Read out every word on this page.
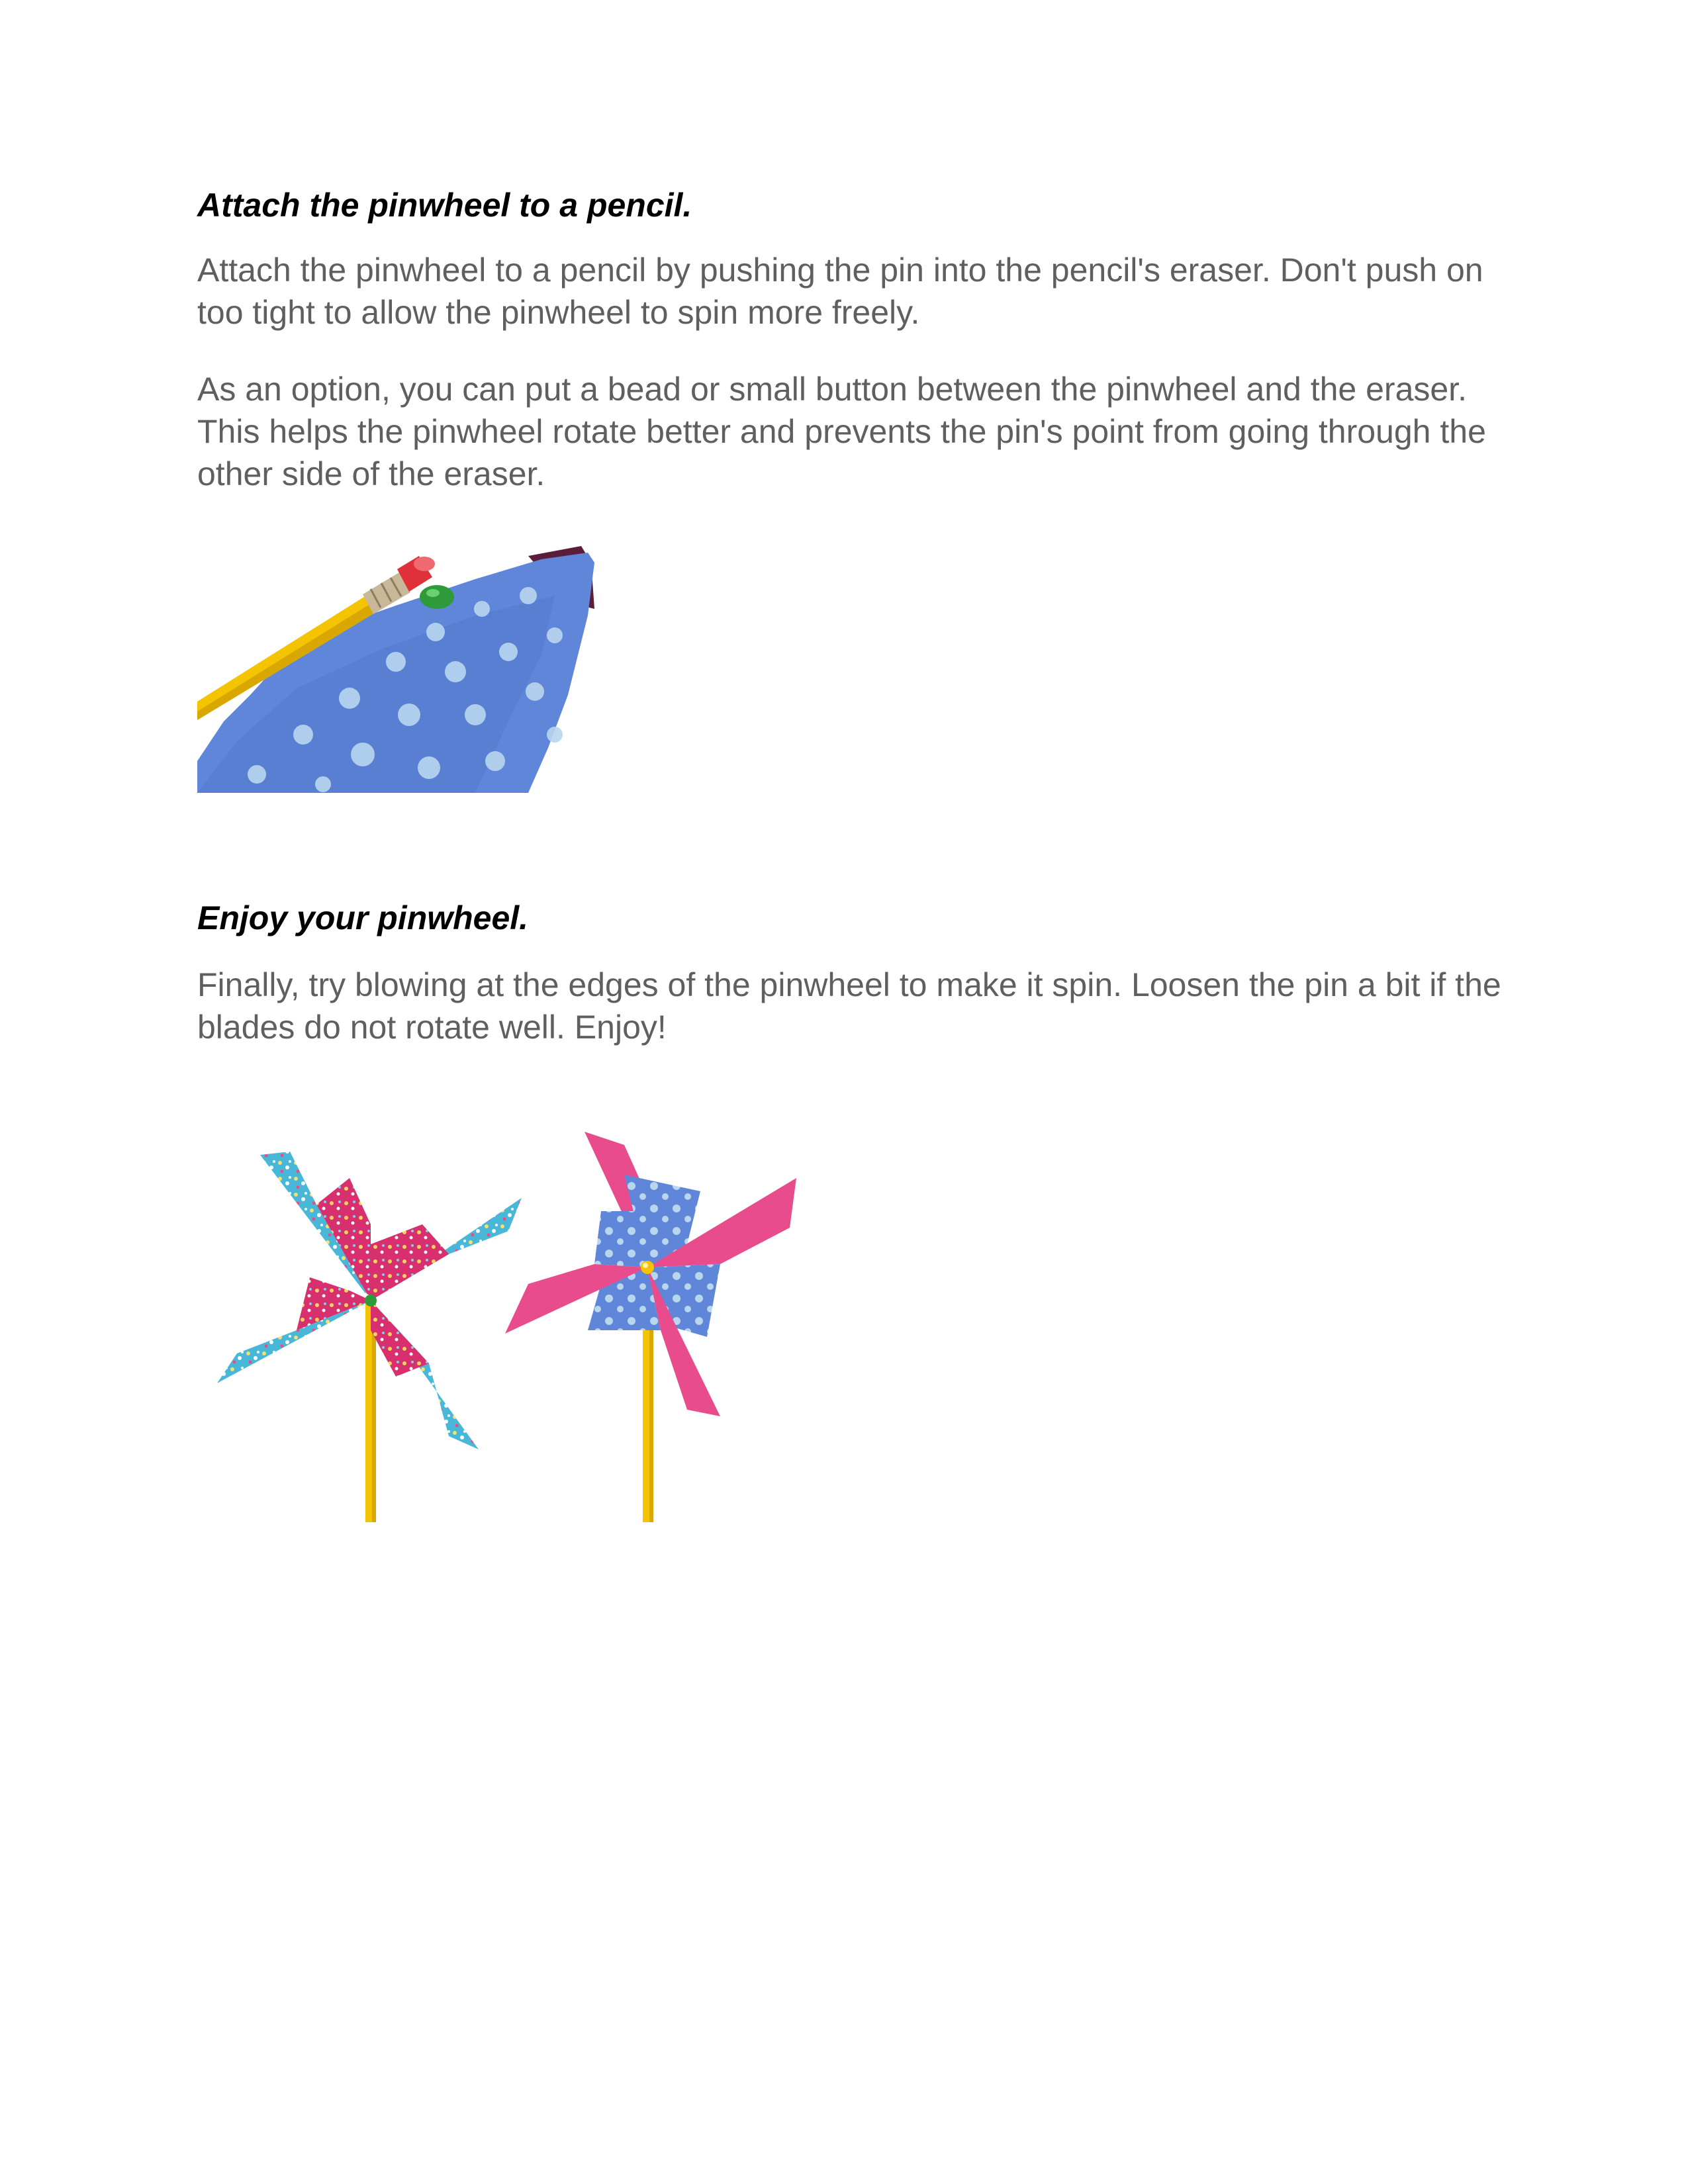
Attach the pinwheel to a pencil.

Attach the pinwheel to a pencil by pushing the pin into the pencil's eraser. Don't push on too tight to allow the pinwheel to spin more freely.

As an option, you can put a bead or small button between the pinwheel and the eraser. This helps the pinwheel rotate better and prevents the pin's point from going through the other side of the eraser.

Enjoy your pinwheel.

Finally, try blowing at the edges of the pinwheel to make it spin. Loosen the pin a bit if the blades do not rotate well. Enjoy!
